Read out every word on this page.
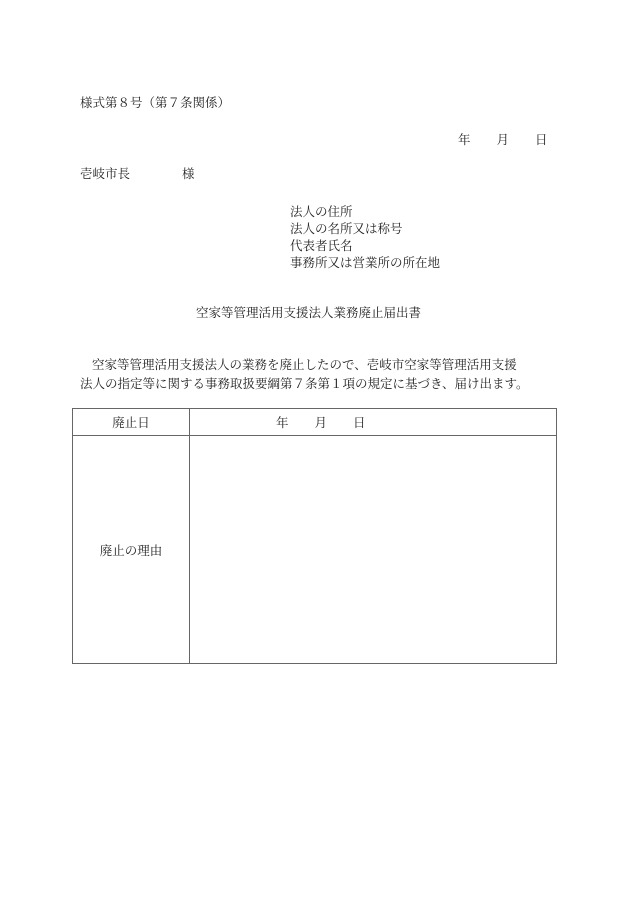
様式第８号（第７条関係）
年 月 日
壱岐市長	様
法人の住所
法人の名所又は称号
代表者氏名
事務所又は営業所の所在地
空家等管理活用支援法人業務廃止届出書
空家等管理活用支援法人の業務を廃止したので、壱岐市空家等管理活用支援
法人の指定等に関する事務取扱要綱第７条第１項の規定に基づき、届け出ます。
廃止日	年 月 日
廃止の理由	
